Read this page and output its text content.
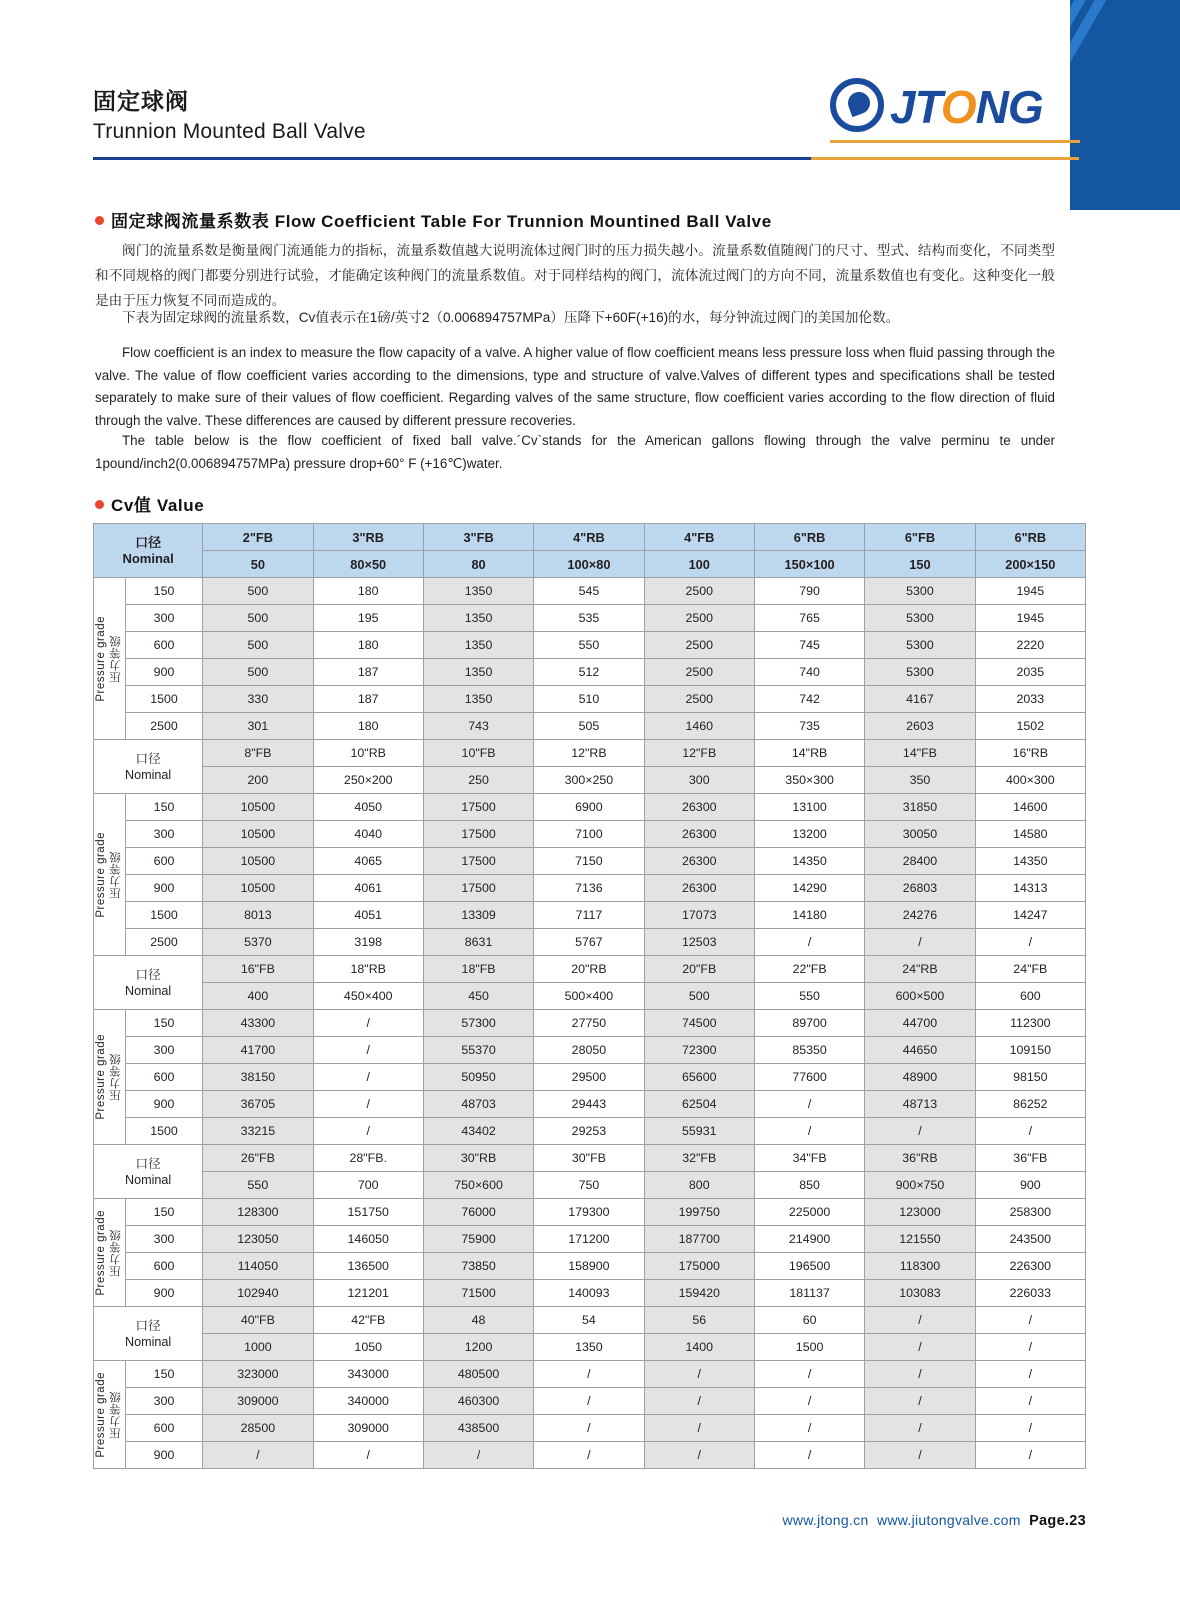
固定球阀
Trunnion Mounted Ball Valve	JTONG
固定球阀流量系数表 Flow Coefficient Table For Trunnion Mountined Ball Valve
阀门的流量系数是衡量阀门流通能力的指标，流量系数值越大说明流体过阀门时的压力损失越小。流量系数值随阀门的尺寸、型式、结构而变化，不同类型和不同规格的阀门都要分别进行试验，才能确定该种阀门的流量系数值。对于同样结构的阀门，流体流过阀门的方向不同，流量系数值也有变化。这种变化一般是由于压力恢复不同而造成的。
下表为固定球阀的流量系数，Cv值表示在1磅/英寸2（0.006894757MPa）压降下+60F(+16)的水，每分钟流过阀门的美国加伦数。
Flow coefficient is an index to measure the flow capacity of a valve. A higher value of flow coefficient means less pressure loss when fluid passing through the valve. The value of flow coefficient varies according to the dimensions, type and structure of valve.Valves of different types and specifications shall be tested separately to make sure of their values of flow coefficient. Regarding valves of the same structure, flow coefficient varies according to the flow direction of fluid through the valve. These differences are caused by different pressure recoveries.
The table below is the flow coefficient of fixed ball valve.´Cv`stands for the American gallons flowing through the valve perminu te under 1pound/inch2(0.006894757MPa) pressure drop+60° F (+16℃)water.
Cv值 Value
口径
Nominal		2"FB	3"RB	3"FB	4"RB	4"FB	6"RB	6"FB	6"RB
		50	80×50	80	100×80	100	150×100	150	200×150

Pressure grade 压力等级	150	500	180	1350	545	2500	790	5300	1945
	300	500	195	1350	535	2500	765	5300	1945
	600	500	180	1350	550	2500	745	5300	2220
	900	500	187	1350	512	2500	740	5300	2035
	1500	330	187	1350	510	2500	742	4167	2033
	2500	301	180	743	505	1460	735	2603	1502
口径
Nominal		8"FB	10"RB	10"FB	12"RB	12"FB	14"RB	14"FB	16"RB
		200	250×200	250	300×250	300	350×300	350	400×300

Pressure grade 压力等级	150	10500	4050	17500	6900	26300	13100	31850	14600
	300	10500	4040	17500	7100	26300	13200	30050	14580
	600	10500	4065	17500	7150	26300	14350	28400	14350
	900	10500	4061	17500	7136	26300	14290	26803	14313
	1500	8013	4051	13309	7117	17073	14180	24276	14247
	2500	5370	3198	8631	5767	12503	/	/	/
口径
Nominal		16"FB	18"RB	18"FB	20"RB	20"FB	22"FB	24"RB	24"FB
		400	450×400	450	500×400	500	550	600×500	600

Pressure grade 压力等级	150	43300	/	57300	27750	74500	89700	44700	112300
	300	41700	/	55370	28050	72300	85350	44650	109150
	600	38150	/	50950	29500	65600	77600	48900	98150
	900	36705	/	48703	29443	62504	/	48713	86252
	1500	33215	/	43402	29253	55931	/	/	/
口径
Nominal		26"FB	28"FB.	30"RB	30"FB	32"FB	34"FB	36"RB	36"FB
		550	700	750×600	750	800	850	900×750	900

Pressure grade 压力等级	150	128300	151750	76000	179300	199750	225000	123000	258300
	300	123050	146050	75900	171200	187700	214900	121550	243500
	600	114050	136500	73850	158900	175000	196500	118300	226300
	900	102940	121201	71500	140093	159420	181137	103083	226033
口径
Nominal		40"FB	42"FB	48	54	56	60	/	/
		1000	1050	1200	1350	1400	1500	/	/

Pressure grade 压力等级	150	323000	343000	480500	/	/	/	/	/
	300	309000	340000	460300	/	/	/	/	/
	600	28500	309000	438500	/	/	/	/	/
	900	/	/	/	/	/	/	/	/
www.jtong.cn www.jiutongvalve.com Page.23
